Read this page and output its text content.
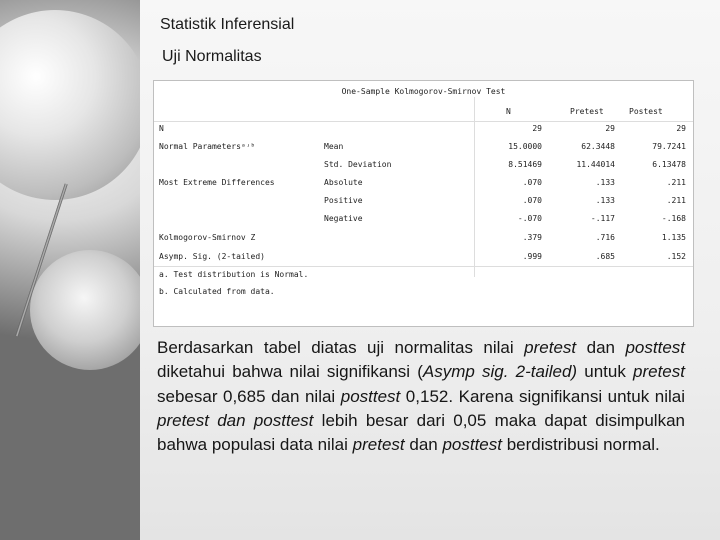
Statistik Inferensial
Uji Normalitas
One-Sample Kolmogorov-Smirnov Test
N	Pretest	Postest
N	29	29	29
Normal Parametersᵃʴᵇ	Mean	15.0000	62.3448	79.7241
Std. Deviation	8.51469	11.44014	6.13478
Most Extreme Differences	Absolute	.070	.133	.211
Positive	.070	.133	.211
Negative	-.070	-.117	-.168
Kolmogorov-Smirnov Z	.379	.716	1.135
Asymp. Sig. (2-tailed)	.999	.685	.152
a. Test distribution is Normal.
b. Calculated from data.
Berdasarkan tabel diatas uji normalitas nilai pretest dan posttest diketahui bahwa nilai signifikansi (Asymp sig. 2-tailed) untuk pretest sebesar 0,685 dan nilai posttest 0,152. Karena signifikansi untuk nilai pretest dan posttest lebih besar dari 0,05 maka dapat disimpulkan bahwa populasi data nilai pretest dan posttest berdistribusi normal.
